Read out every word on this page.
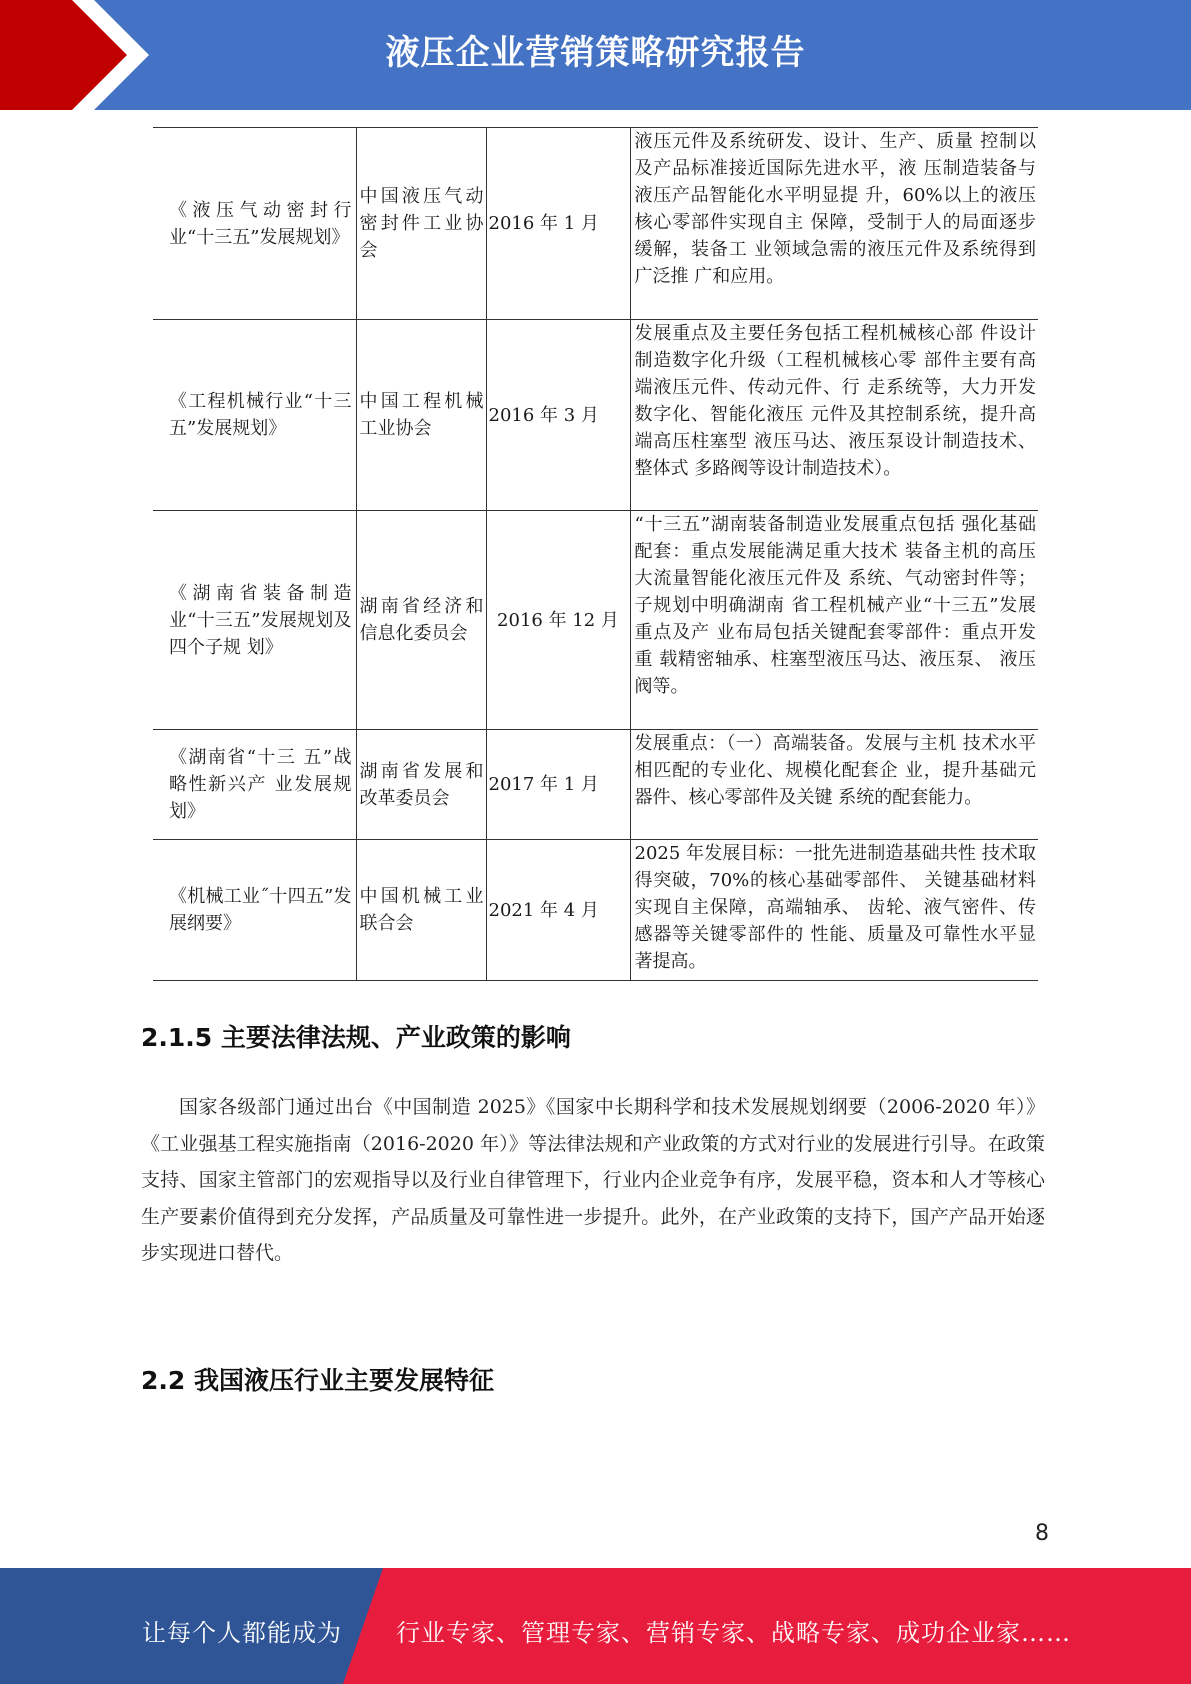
液压企业营销策略研究报告
《液压气动密封行业“十三五”发展规划》	中国液压气动密封件工业协会	2016 年 1 月	液压元件及系统研发、设计、生产、质量 控制以及产品标准接近国际先进水平，液 压制造装备与液压产品智能化水平明显提 升，60%以上的液压核心零部件实现自主 保障，受制于人的局面逐步缓解，装备工 业领域急需的液压元件及系统得到广泛推 广和应用。
《工程机械行业“十三五”发展规划》	中国工程机械工业协会	2016 年 3 月	发展重点及主要任务包括工程机械核心部 件设计制造数字化升级（工程机械核心零 部件主要有高端液压元件、传动元件、行 走系统等，大力开发数字化、智能化液压 元件及其控制系统，提升高端高压柱塞型 液压马达、液压泵设计制造技术、整体式 多路阀等设计制造技术）。
《湖南省装备制造业“十三五”发展规划及四个子规 划》	湖南省经济和信息化委员会	2016 年 12 月	“十三五”湖南装备制造业发展重点包括 强化基础配套：重点发展能满足重大技术 装备主机的高压大流量智能化液压元件及 系统、气动密封件等；子规划中明确湖南 省工程机械产业“十三五”发展重点及产 业布局包括关键配套零部件：重点开发重 载精密轴承、柱塞型液压马达、液压泵、 液压阀等。
《湖南省“十三 五”战略性新兴产 业发展规划》	湖南省发展和改革委员会	2017 年 1 月	发展重点：（一）高端装备。发展与主机 技术水平相匹配的专业化、规模化配套企 业，提升基础元器件、核心零部件及关键 系统的配套能力。
《机械工业˝十四五”发展纲要》	中国机械工业联合会	2021 年 4 月	2025 年发展目标：一批先进制造基础共性 技术取得突破，70%的核心基础零部件、 关键基础材料实现自主保障，高端轴承、 齿轮、液气密件、传感器等关键零部件的 性能、质量及可靠性水平显著提高。
2.1.5 主要法律法规、产业政策的影响

国家各级部门通过出台《中国制造 2025》《国家中长期科学和技术发展规划纲要（2006-2020 年）》《工业强基工程实施指南（2016-2020 年）》等法律法规和产业政策的方式对行业的发展进行引导。在政策支持、国家主管部门的宏观指导以及行业自律管理下，行业内企业竞争有序，发展平稳，资本和人才等核心生产要素价值得到充分发挥，产品质量及可靠性进一步提升。此外，在产业政策的支持下，国产产品开始逐步实现进口替代。

2.2 我国液压行业主要发展特征
8
让每个人都能成为 行业专家、管理专家、营销专家、战略专家、成功企业家……
